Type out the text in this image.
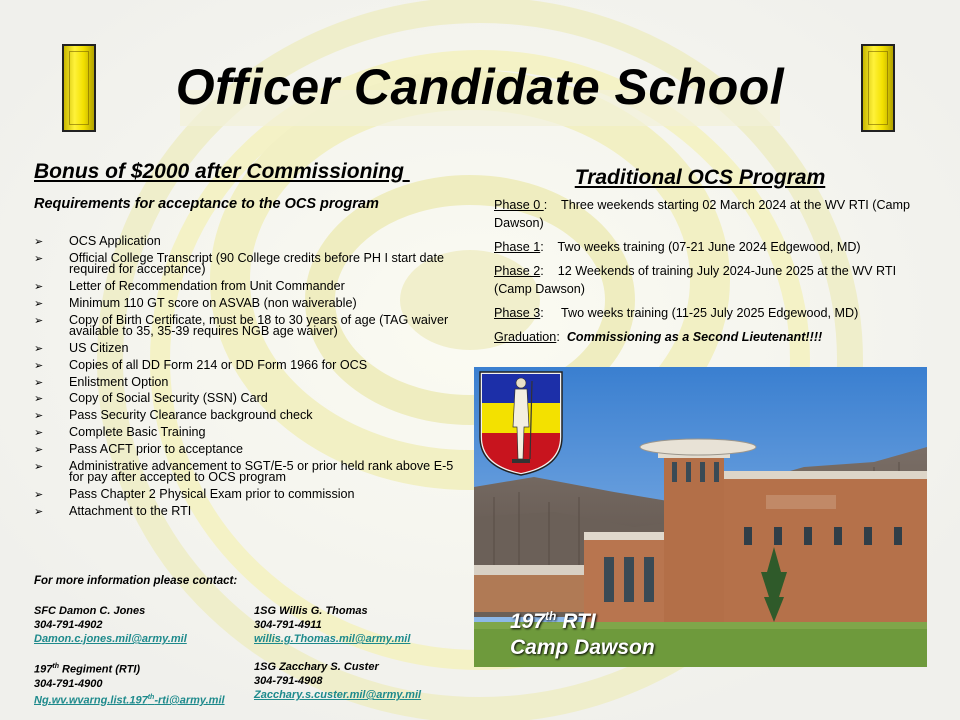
Officer Candidate School
Bonus of $2000 after Commissioning
Requirements for acceptance to the OCS program
➢ OCS Application
➢ Official College Transcript (90 College credits before PH I start date required for acceptance)
➢ Letter of Recommendation from Unit Commander
➢ Minimum 110 GT score on ASVAB (non waiverable)
➢ Copy of Birth Certificate, must be 18 to 30 years of age (TAG waiver available to 35, 35-39 requires NGB age waiver)
➢ US Citizen
➢ Copies of all DD Form 214 or DD Form 1966 for OCS
➢ Enlistment Option
➢ Copy of Social Security (SSN) Card
➢ Pass Security Clearance background check
➢ Complete Basic Training
➢ Pass ACFT prior to acceptance
➢ Administrative advancement to SGT/E-5 or prior held rank above E-5 for pay after accepted to OCS program
➢ Pass Chapter 2 Physical Exam prior to commission
➢ Attachment to the RTI
For more information please contact:
SFC Damon C. Jones
304-791-4902
Damon.c.jones.mil@army.mil
1SG Willis G. Thomas
304-791-4911
willis.g.Thomas.mil@army.mil
197th Regiment (RTI)
304-791-4900
Ng.wv.wvarng.list.197th-rti@army.mil
1SG Zacchary S. Custer
304-791-4908
Zacchary.s.custer.mil@army.mil
Traditional OCS Program
Phase 0 :    Three weekends starting 02 March 2024 at the WV RTI (Camp Dawson)
Phase 1:    Two weeks training (07-21 June 2024 Edgewood, MD)
Phase 2:    12 Weekends of training July 2024-June 2025 at the WV RTI (Camp Dawson)
Phase 3:     Two weeks training (11-25 July 2025 Edgewood, MD)
Graduation:  Commissioning as a Second Lieutenant!!!!
197th RTI
Camp Dawson
